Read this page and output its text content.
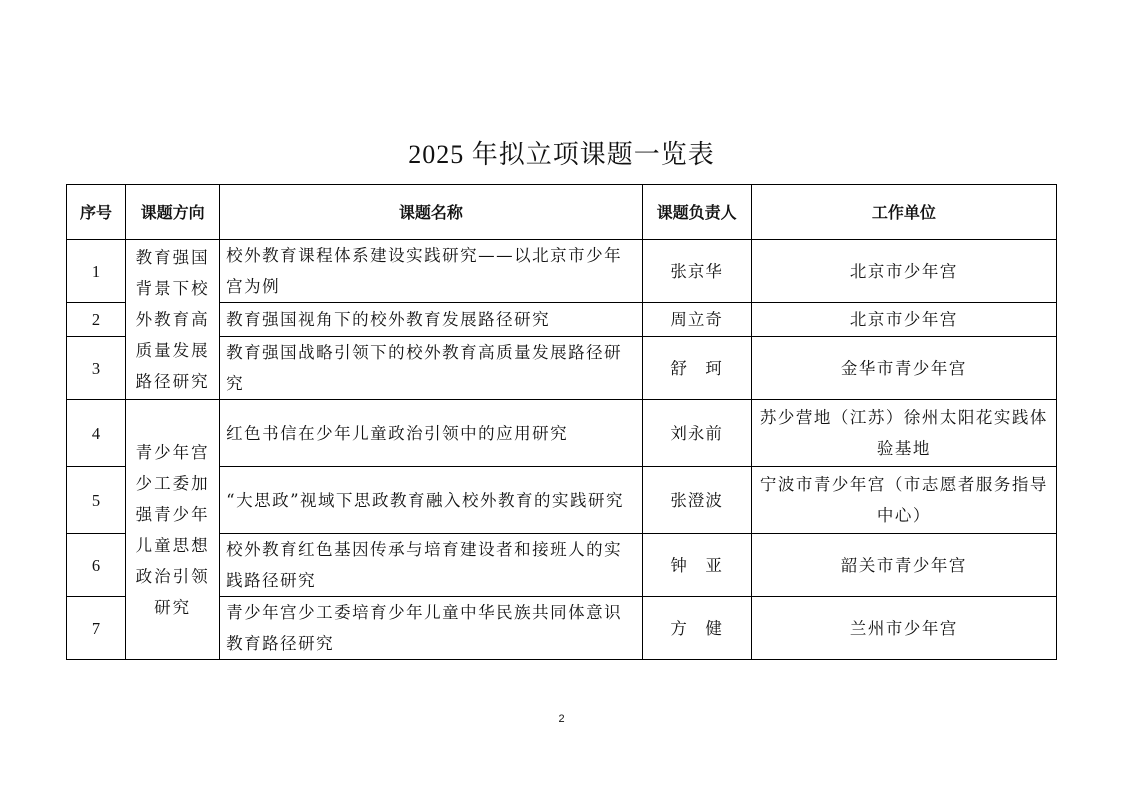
2025 年拟立项课题一览表
序号	课题方向	课题名称	课题负责人	工作单位
1	教育强国背景下校外教育高质量发展路径研究	校外教育课程体系建设实践研究——以北京市少年宫为例	张京华	北京市少年宫
2		教育强国视角下的校外教育发展路径研究	周立奇	北京市少年宫
3		教育强国战略引领下的校外教育高质量发展路径研究	舒　珂	金华市青少年宫
4	青少年宫少工委加强青少年儿童思想政治引领研究	红色书信在少年儿童政治引领中的应用研究	刘永前	苏少营地（江苏）徐州太阳花实践体验基地
5		“大思政”视域下思政教育融入校外教育的实践研究	张澄波	宁波市青少年宫（市志愿者服务指导中心）
6		校外教育红色基因传承与培育建设者和接班人的实践路径研究	钟　亚	韶关市青少年宫
7		青少年宫少工委培育少年儿童中华民族共同体意识教育路径研究	方　健	兰州市少年宫
2
